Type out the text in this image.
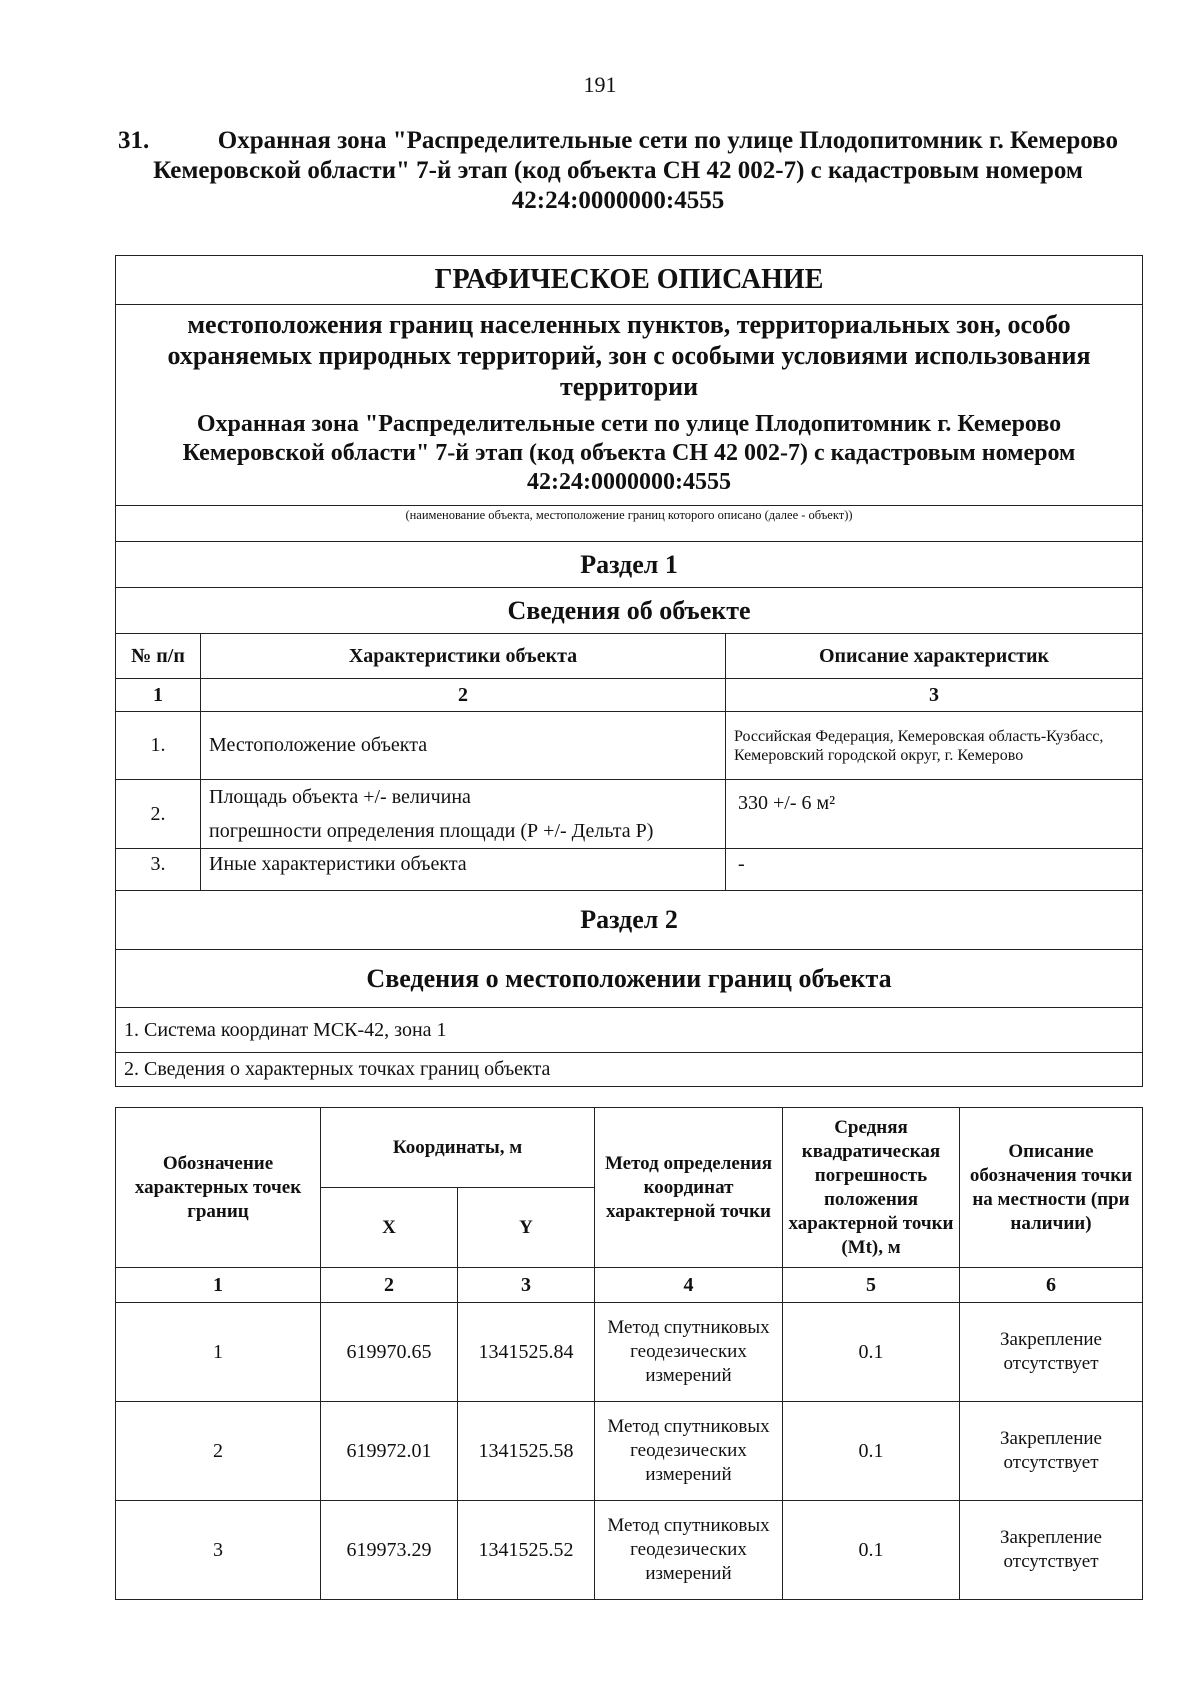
191
31.	Охранная зона "Распределительные сети по улице Плодопитомник г. Кемерово
Кемеровской области" 7-й этап (код объекта СН 42 002-7) с кадастровым номером
42:24:0000000:4555
ГРАФИЧЕСКОЕ ОПИСАНИЕ		

местоположения границ населенных пунктов, территориальных зон, особо
охраняемых природных территорий, зон с особыми условиями использования
территории		

Охранная зона "Распределительные сети по улице Плодопитомник г. Кемерово
Кемеровской области" 7-й этап (код объекта СН 42 002-7) с кадастровым номером
42:24:0000000:4555		

(наименование объекта, местоположение границ которого описано (далее - объект))		
Раздел 1		
Сведения об объекте		
№ п/п	Характеристики объекта	Описание характеристик
1	2	3
1.	Местоположение объекта	Российская Федерация, Кемеровская область-Кузбасс, Кемеровский городской округ, г. Кемерово
2.	Площадь объекта +/- величина
погрешности определения площади (Р +/- Дельта Р)	330 +/- 6 м²
3.	Иные характеристики объекта	-
Раздел 2		
Сведения о местоположении границ объекта		
1. Система координат МСК-42, зона 1		
2. Сведения о характерных точках границ объекта		
Обозначение характерных точек границ	Координаты, м		Метод определения координат характерной точки	Средняя квадратическая погрешность положения характерной точки (Mt), м	Описание обозначения точки на местности (при наличии)
	X	Y			
1	2	3	4	5	6
1	619970.65	1341525.84	Метод спутниковых геодезических измерений	0.1	Закрепление отсутствует
2	619972.01	1341525.58	Метод спутниковых геодезических измерений	0.1	Закрепление отсутствует
3	619973.29	1341525.52	Метод спутниковых геодезических измерений	0.1	Закрепление отсутствует
